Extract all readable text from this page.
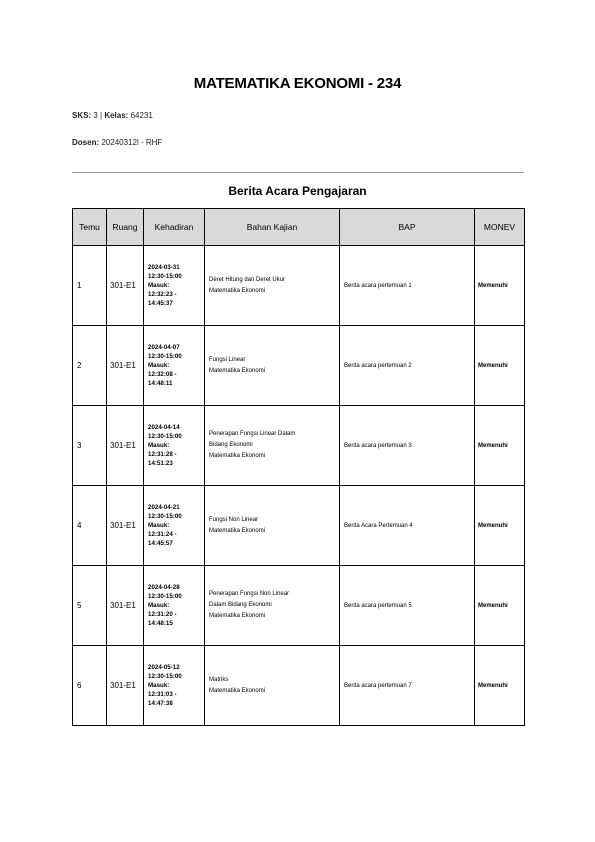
MATEMATIKA EKONOMI - 234
SKS: 3 | Kelas: 64231
Dosen: 20240312l - RHF
Berita Acara Pengajaran
Temu	Ruang	Kehadiran	Bahan Kajian	BAP	MONEV
1	301-E1	2024-03-31
12:30-15:00
Masuk:
12:32:23 -
14:45:37	Deret Hitung dan Deret Ukur
Matematika Ekonomi	Berita acara pertemuan 1	Memenuhi
2	301-E1	2024-04-07
12:30-15:00
Masuk:
12:32:08 -
14:48:11	Fungsi Linear
Matematika Ekonomi	Berita acara pertemuan 2	Memenuhi
3	301-E1	2024-04-14
12:30-15:00
Masuk:
12:31:28 -
14:51:23	Penerapan Fungsi Linear Dalam
Bidang Ekonomi
Matematika Ekonomi	Berita acara pertemuan 3	Memenuhi
4	301-E1	2024-04-21
12:30-15:00
Masuk:
12:31:24 -
14:45:57	Fungsi Non Linear
Matematika Ekonomi	Berita Acara Pertemuan 4	Memenuhi
5	301-E1	2024-04-28
12:30-15:00
Masuk:
12:31:20 -
14:48:15	Penerapan Fungsi Non Linear
Dalam Bidang Ekonomi
Matematika Ekonomi	Berita acara pertemuan 5	Memenuhi
6	301-E1	2024-05-12
12:30-15:00
Masuk:
12:31:03 -
14:47:38	Matriks
Matematika Ekonomi	Berita acara pertemuan 7	Memenuhi
